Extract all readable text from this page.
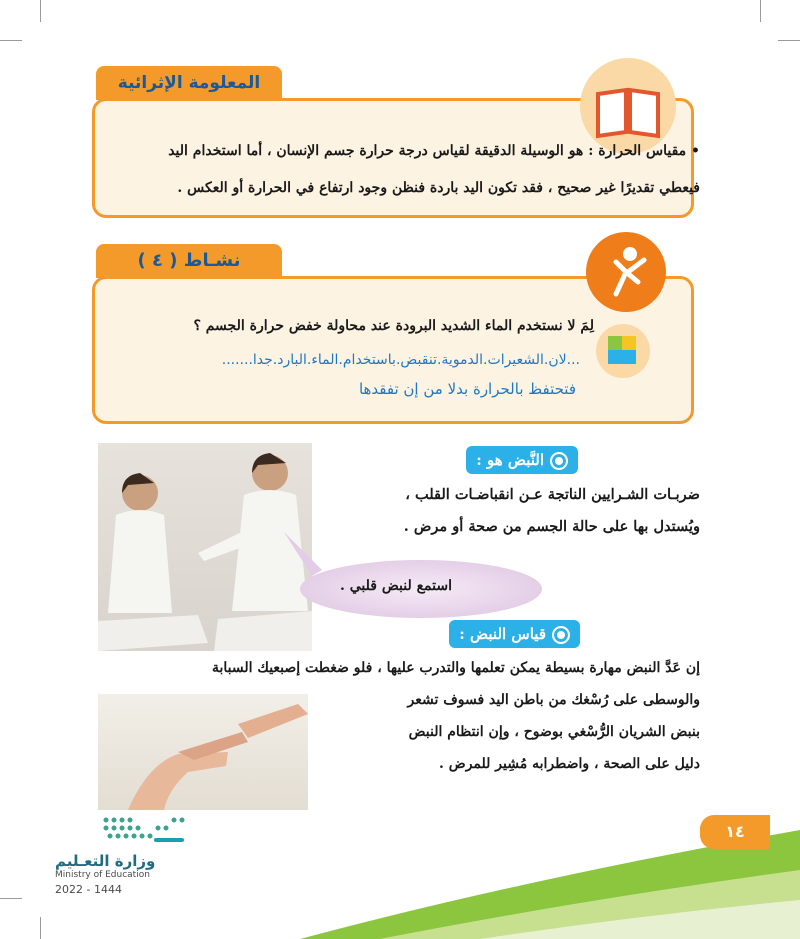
المعلومة الإثرائية
• مقياس الحرارة : هو الوسيلة الدقيقة لقياس درجة حرارة جسم الإنسان ، أما استخدام اليد
فيعطي تقديرًا غير صحيح ، فقد تكون اليد باردة فنظن وجود ارتفاع في الحرارة أو العكس .
نشـاط ( ٤ )
لِمَ لا نستخدم الماء الشديد البرودة عند محاولة خفض حرارة الجسم ؟
...لان.الشعيرات.الدموية.تنقبض.باستخدام.الماء.البارد.جدا.......
فتحتفظ بالحرارة بدلا من إن تفقدها
استمع لنبض قلبي .
النَّبض هو :
ضربـات الشـرايين الناتجة عـن انقباضـات القلب ،
ويُستدل بها على حالة الجسم من صحة أو مرض .
قياس النبض :
إن عَدَّ النبض مهارة بسيطة يمكن تعلمها والتدرب عليها ، فلو ضغطت إصبعيك السبابة
والوسطى على رُسْغك من باطن اليد فسوف تشعر
بنبض الشريان الرُّسْغي بوضوح ، وإن انتظام النبض
دليل على الصحة ، واضطرابه مُشِير للمرض .
١٤
وزارة التعـليم
Ministry of Education
2022 - 1444
